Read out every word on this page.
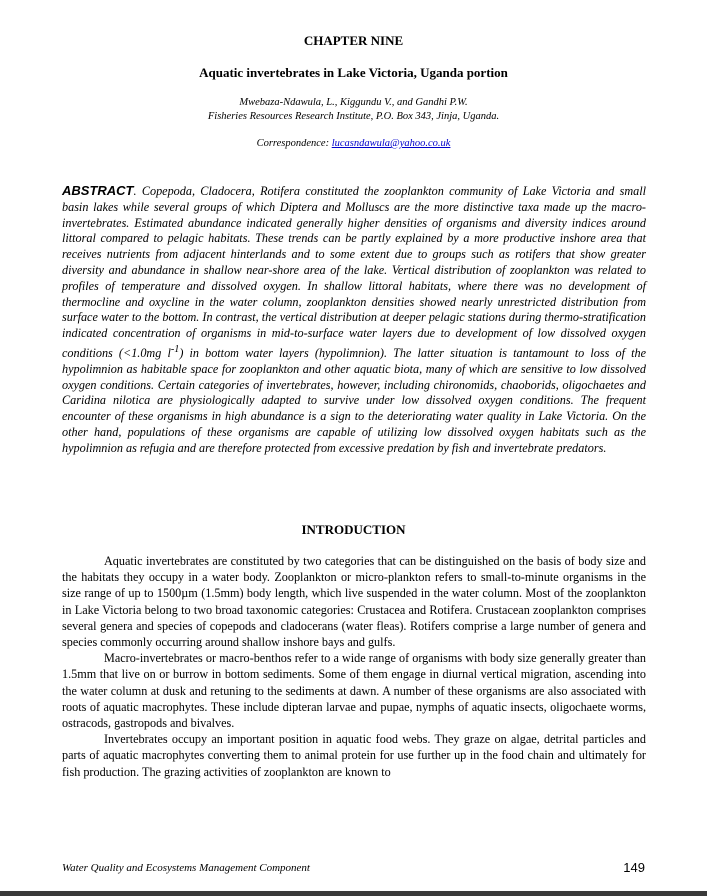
CHAPTER NINE
Aquatic invertebrates in Lake Victoria, Uganda portion
Mwebaza-Ndawula, L., Kiggundu V., and Gandhi P.W.
Fisheries Resources Research Institute, P.O. Box 343, Jinja, Uganda.
Correspondence: lucasndawula@yahoo.co.uk

ABSTRACT. Copepoda, Cladocera, Rotifera constituted the zooplankton community of Lake Victoria and small basin lakes while several groups of which Diptera and Molluscs are the more distinctive taxa made up the macro-invertebrates. Estimated abundance indicated generally higher densities of organisms and diversity indices around littoral compared to pelagic habitats. These trends can be partly explained by a more productive inshore area that receives nutrients from adjacent hinterlands and to some extent due to groups such as rotifers that show greater diversity and abundance in shallow near-shore area of the lake. Vertical distribution of zooplankton was related to profiles of temperature and dissolved oxygen. In shallow littoral habitats, where there was no development of thermocline and oxycline in the water column, zooplankton densities showed nearly unrestricted distribution from surface water to the bottom. In contrast, the vertical distribution at deeper pelagic stations during thermo-stratification indicated concentration of organisms in mid-to-surface water layers due to development of low dissolved oxygen conditions (<1.0mg $l^{-1}$) in bottom water layers (hypolimnion). The latter situation is tantamount to loss of the hypolimnion as habitable space for zooplankton and other aquatic biota, many of which are sensitive to low dissolved oxygen conditions. Certain categories of invertebrates, however, including chironomids, chaoborids, oligochaetes and Caridina nilotica are physiologically adapted to survive under low dissolved oxygen conditions. The frequent encounter of these organisms in high abundance is a sign to the deteriorating water quality in Lake Victoria. On the other hand, populations of these organisms are capable of utilizing low dissolved oxygen habitats such as the hypolimnion as refugia and are therefore protected from excessive predation by fish and invertebrate predators.

INTRODUCTION

Aquatic invertebrates are constituted by two categories that can be distinguished on the basis of body size and the habitats they occupy in a water body. Zooplankton or micro-plankton refers to small-to-minute organisms in the size range of up to 1500µm (1.5mm) body length, which live suspended in the water column. Most of the zooplankton in Lake Victoria belong to two broad taxonomic categories: Crustacea and Rotifera. Crustacean zooplankton comprises several genera and species of copepods and cladocerans (water fleas). Rotifers comprise a large number of genera and species commonly occurring around shallow inshore bays and gulfs.

Macro-invertebrates or macro-benthos refer to a wide range of organisms with body size generally greater than 1.5mm that live on or burrow in bottom sediments. Some of them engage in diurnal vertical migration, ascending into the water column at dusk and retuning to the sediments at dawn. A number of these organisms are also associated with roots of aquatic macrophytes. These include dipteran larvae and pupae, nymphs of aquatic insects, oligochaete worms, ostracods, gastropods and bivalves.

Invertebrates occupy an important position in aquatic food webs. They graze on algae, detrital particles and parts of aquatic macrophytes converting them to animal protein for use further up in the food chain and ultimately for fish production. The grazing activities of zooplankton are known to

Water Quality and Ecosystems Management Component	149
